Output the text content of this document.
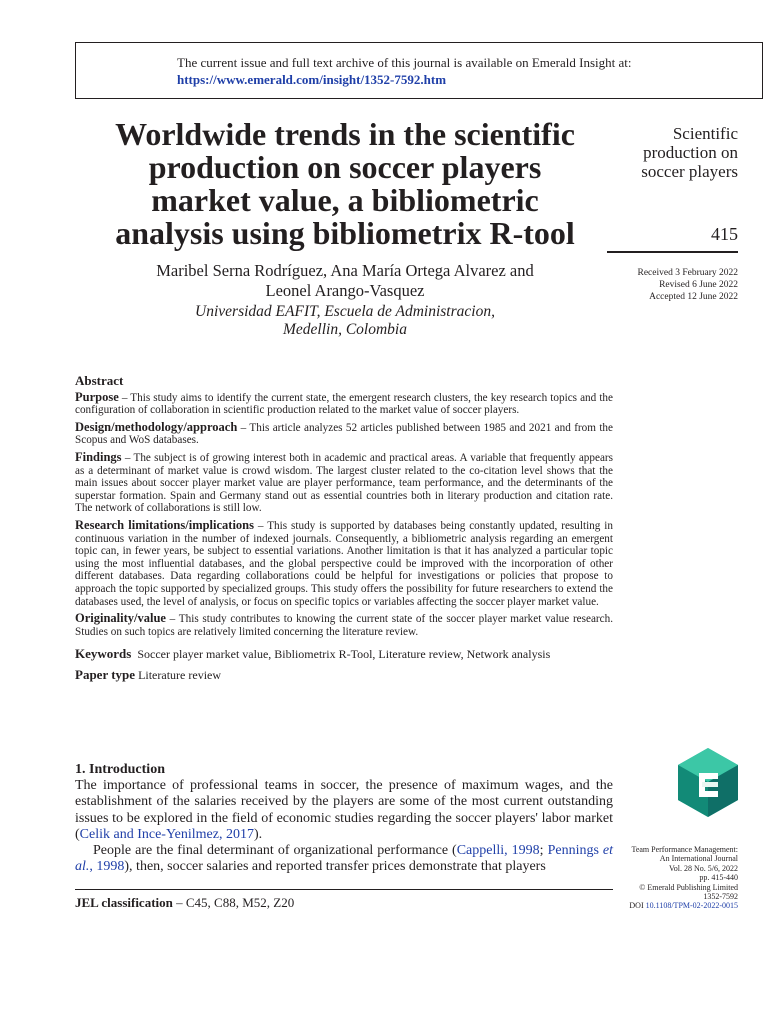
The current issue and full text archive of this journal is available on Emerald Insight at:
https://www.emerald.com/insight/1352-7592.htm
Worldwide trends in the scientific
production on soccer players
market value, a bibliometric
analysis using bibliometrix R-tool
Scientific
production on
soccer players
415
Received 3 February 2022
Revised 6 June 2022
Accepted 12 June 2022
Maribel Serna Rodríguez, Ana María Ortega Alvarez and
Leonel Arango-Vasquez
Universidad EAFIT, Escuela de Administracion,
Medellin, Colombia
Abstract

Purpose – This study aims to identify the current state, the emergent research clusters, the key research topics and the configuration of collaboration in scientific production related to the market value of soccer players.

Design/methodology/approach – This article analyzes 52 articles published between 1985 and 2021 and from the Scopus and WoS databases.

Findings – The subject is of growing interest both in academic and practical areas. A variable that frequently appears as a determinant of market value is crowd wisdom. The largest cluster related to the co-citation level shows that the main issues about soccer player market value are player performance, team performance, and the determinants of the superstar formation. Spain and Germany stand out as essential countries both in literary production and citation rate. The network of collaborations is still low.

Research limitations/implications – This study is supported by databases being constantly updated, resulting in continuous variation in the number of indexed journals. Consequently, a bibliometric analysis regarding an emergent topic can, in fewer years, be subject to essential variations. Another limitation is that it has analyzed a particular topic using the most influential databases, and the global perspective could be improved with the incorporation of other different databases. Data regarding collaborations could be helpful for investigations or policies that propose to approach the topic supported by specialized groups. This study offers the possibility for future researchers to extend the databases used, the level of analysis, or focus on specific topics or variables affecting the soccer player market value.

Originality/value – This study contributes to knowing the current state of the soccer player market value research. Studies on such topics are relatively limited concerning the literature review.

Keywords Soccer player market value, Bibliometrix R-Tool, Literature review, Network analysis

Paper type Literature review

1. Introduction

The importance of professional teams in soccer, the presence of maximum wages, and the establishment of the salaries received by the players are some of the most current outstanding issues to be explored in the field of economic studies regarding the soccer players' labor market (Celik and Ince-Yenilmez, 2017).

People are the final determinant of organizational performance (Cappelli, 1998; Pennings et al., 1998), then, soccer salaries and reported transfer prices demonstrate that players

JEL classification – C45, C88, M52, Z20
Team Performance Management:
An International Journal
Vol. 28 No. 5/6, 2022
pp. 415-440
© Emerald Publishing Limited
1352-7592
DOI 10.1108/TPM-02-2022-0015
